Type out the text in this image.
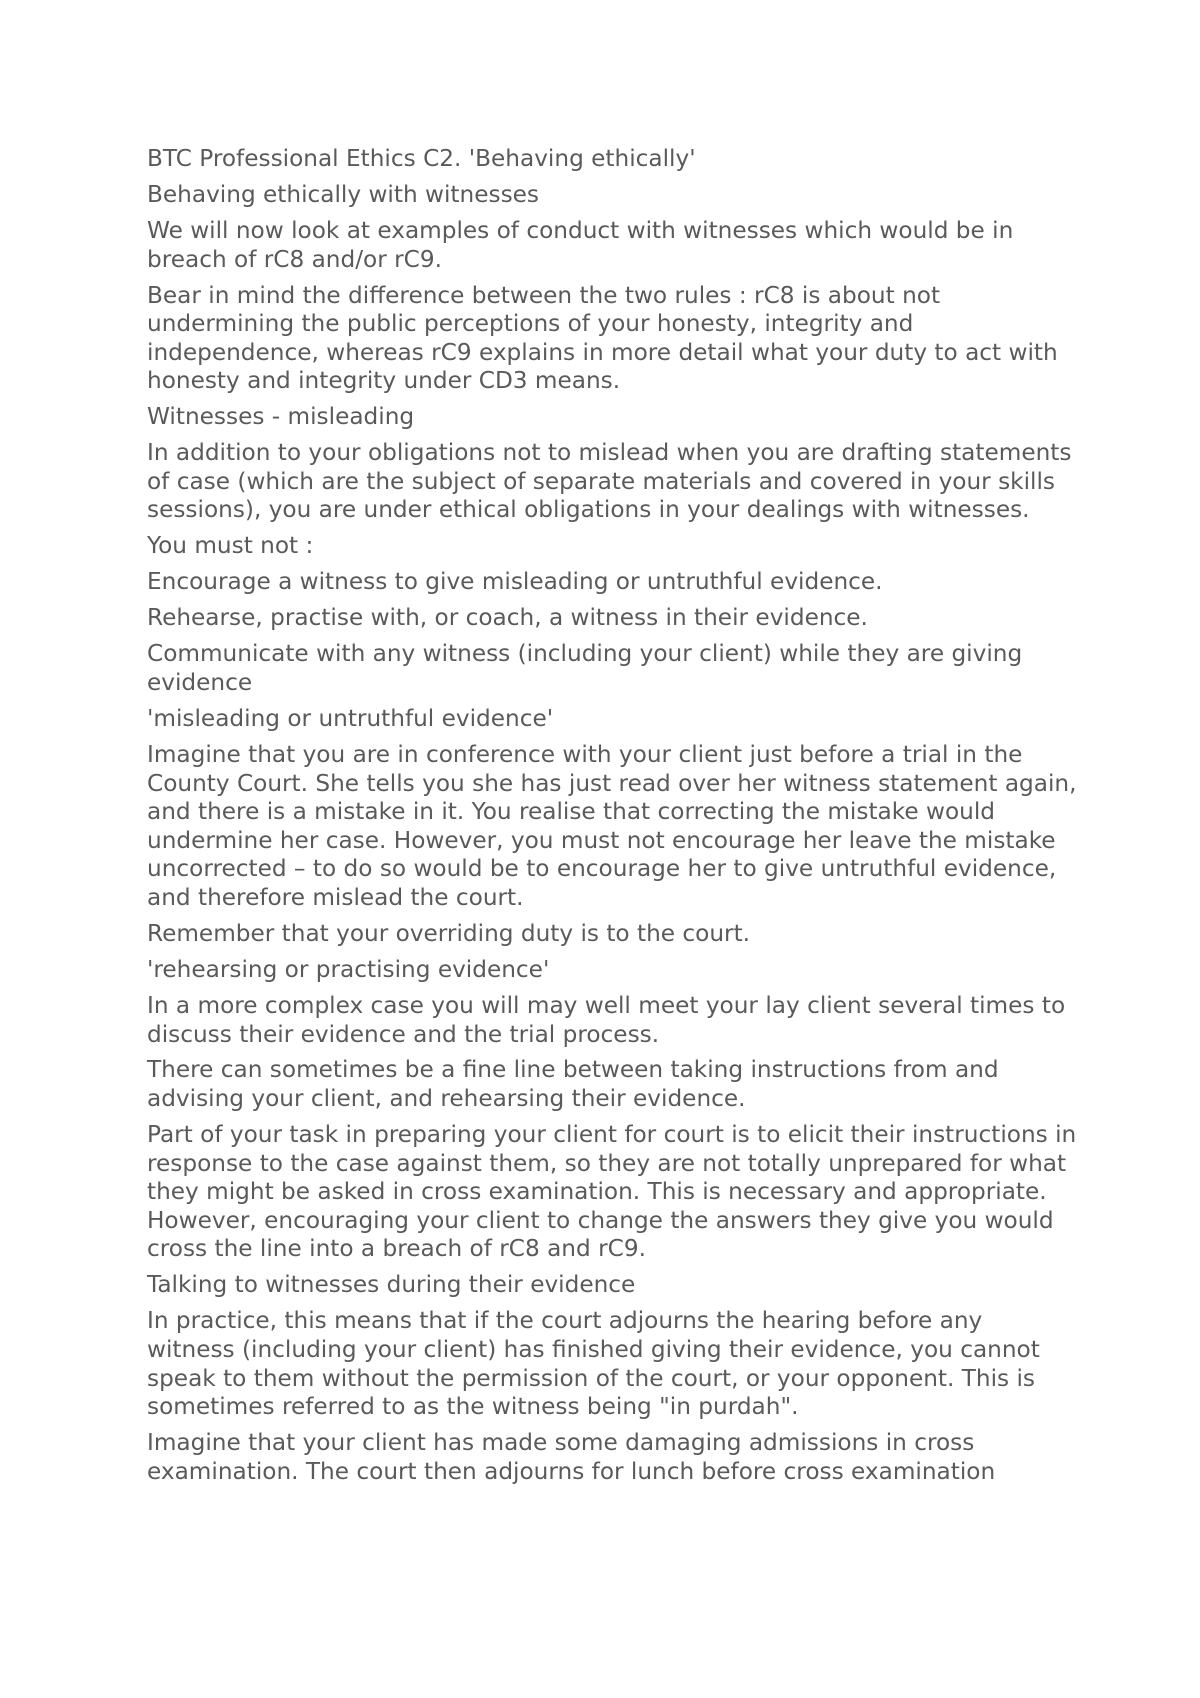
BTC Professional Ethics C2. 'Behaving ethically'

Behaving ethically with witnesses

We will now look at examples of conduct with witnesses which would be in breach of rC8 and/or rC9.

Bear in mind the difference between the two rules : rC8 is about not undermining the public perceptions of your honesty, integrity and independence, whereas rC9 explains in more detail what your duty to act with honesty and integrity under CD3 means.

Witnesses - misleading

In addition to your obligations not to mislead when you are drafting statements of case (which are the subject of separate materials and covered in your skills sessions), you are under ethical obligations in your dealings with witnesses.

You must not :

Encourage a witness to give misleading or untruthful evidence.

Rehearse, practise with, or coach, a witness in their evidence.

Communicate with any witness (including your client) while they are giving evidence

'misleading or untruthful evidence'

Imagine that you are in conference with your client just before a trial in the County Court. She tells you she has just read over her witness statement again, and there is a mistake in it. You realise that correcting the mistake would undermine her case. However, you must not encourage her leave the mistake uncorrected – to do so would be to encourage her to give untruthful evidence, and therefore mislead the court.

Remember that your overriding duty is to the court.

'rehearsing or practising evidence'

In a more complex case you will may well meet your lay client several times to discuss their evidence and the trial process.

There can sometimes be a fine line between taking instructions from and advising your client, and rehearsing their evidence.

Part of your task in preparing your client for court is to elicit their instructions in response to the case against them, so they are not totally unprepared for what they might be asked in cross examination. This is necessary and appropriate. However, encouraging your client to change the answers they give you would cross the line into a breach of rC8 and rC9.

Talking to witnesses during their evidence

In practice, this means that if the court adjourns the hearing before any witness (including your client) has finished giving their evidence, you cannot speak to them without the permission of the court, or your opponent. This is sometimes referred to as the witness being "in purdah".

Imagine that your client has made some damaging admissions in cross examination. The court then adjourns for lunch before cross examination
